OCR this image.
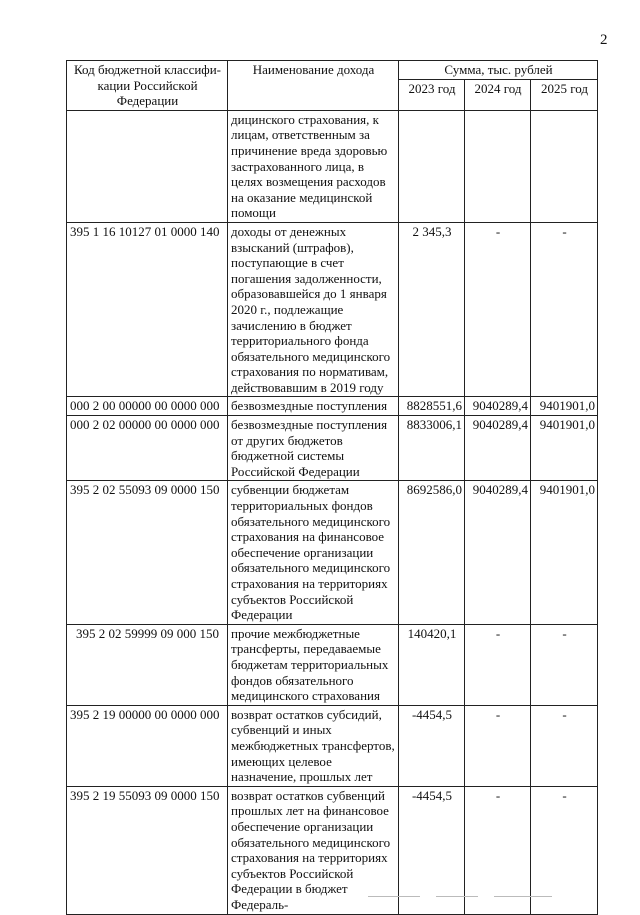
2
Код бюджетной классифи-кации Российской Федерации	Наименование дохода	Сумма, тыс. рублей		
		2023 год	2024 год	2025 год
	дицинского страхования, к лицам, ответственным за причинение вреда здоровью застрахованного лица, в целях возмещения расходов на оказание медицинской помощи			
395 1 16 10127 01 0000 140	доходы от денежных взысканий (штрафов), поступающие в счет погашения задолженности, образовавшейся до 1 января 2020 г., подлежащие зачислению в бюджет территориального фонда обязательного медицинского страхования по нормативам, действовавшим в 2019 году	2 345,3	-	-
000 2 00 00000 00 0000 000	безвозмездные поступления	8828551,6	9040289,4	9401901,0
000 2 02 00000 00 0000 000	безвозмездные поступления от других бюджетов бюджетной системы Российской Федерации	8833006,1	9040289,4	9401901,0
395 2 02 55093 09 0000 150	субвенции бюджетам территориальных фондов обязательного медицинского страхования на финансовое обеспечение организации обязательного медицинского страхования на территориях субъектов Российской Федерации	8692586,0	9040289,4	9401901,0
395 2 02 59999 09 000 150	прочие межбюджетные трансферты, передаваемые бюджетам территориальных фондов обязательного медицинского страхования	140420,1	-	-
395 2 19 00000 00 0000 000	возврат остатков субсидий, субвенций и иных межбюджетных трансфертов, имеющих целевое назначение, прошлых лет	-4454,5	-	-
395 2 19 55093 09 0000 150	возврат остатков субвенций прошлых лет на финансовое обеспечение организации обязательного медицинского страхования на территориях субъектов Российской Федерации в бюджет Федераль-	-4454,5	-	-
